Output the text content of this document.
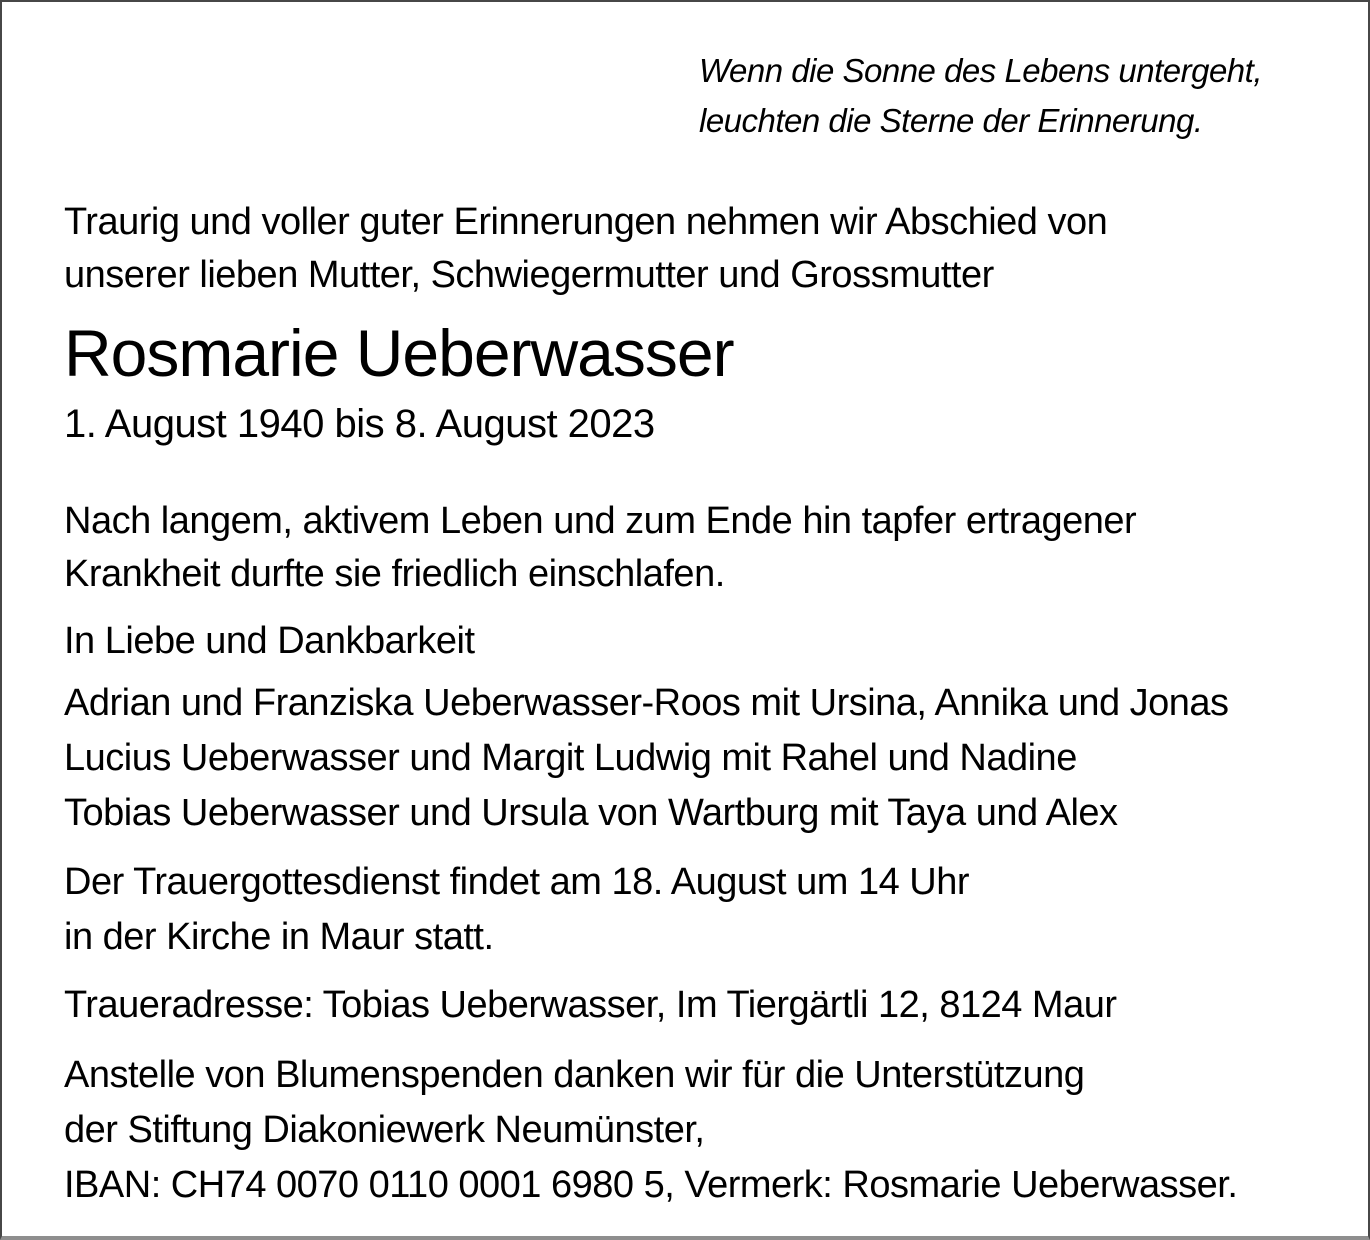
Wenn die Sonne des Lebens untergeht,
leuchten die Sterne der Erinnerung.
Traurig und voller guter Erinnerungen nehmen wir Abschied von
unserer lieben Mutter, Schwiegermutter und Grossmutter
Rosmarie Ueberwasser
1. August 1940 bis 8. August 2023
Nach langem, aktivem Leben und zum Ende hin tapfer ertragener
Krankheit durfte sie friedlich einschlafen.
In Liebe und Dankbarkeit
Adrian und Franziska Ueberwasser-Roos mit Ursina, Annika und Jonas
Lucius Ueberwasser und Margit Ludwig mit Rahel und Nadine
Tobias Ueberwasser und Ursula von Wartburg mit Taya und Alex
Der Trauergottesdienst findet am 18. August um 14 Uhr
in der Kirche in Maur statt.
Traueradresse: Tobias Ueberwasser, Im Tiergärtli 12, 8124 Maur
Anstelle von Blumenspenden danken wir für die Unterstützung
der Stiftung Diakoniewerk Neumünster,
IBAN: CH74 0070 0110 0001 6980 5, Vermerk: Rosmarie Ueberwasser.
